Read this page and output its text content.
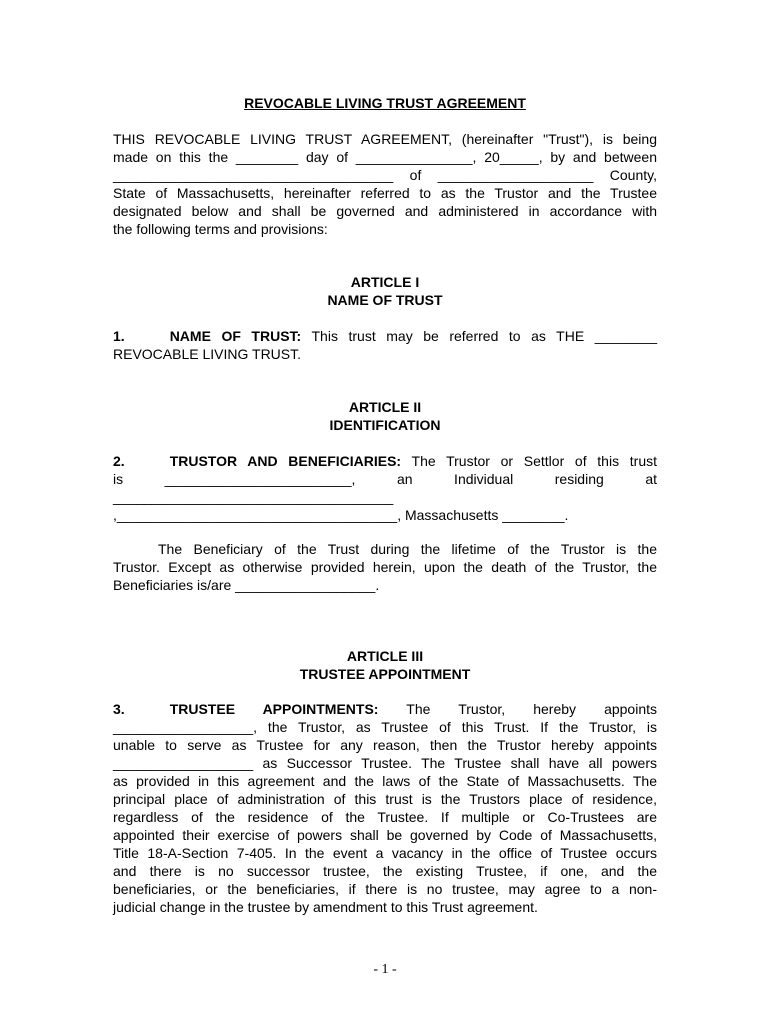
REVOCABLE LIVING TRUST AGREEMENT
THIS REVOCABLE LIVING TRUST AGREEMENT, (hereinafter "Trust"), is being
made on this the ________ day of _______________, 20_____, by and between
____________________________________ of ____________________ County,
State of Massachusetts, hereinafter referred to as the Trustor and the Trustee
designated below and shall be governed and administered in accordance with
the following terms and provisions:
ARTICLE I
NAME OF TRUST
1.	NAME OF TRUST: This trust may be referred to as THE ________
REVOCABLE LIVING TRUST.
ARTICLE II
IDENTIFICATION
2.	TRUSTOR AND BENEFICIARIES: The Trustor or Settlor of this trust
is ________________________, an Individual residing at
____________________________________
,____________________________________, Massachusetts ________.
The Beneficiary of the Trust during the lifetime of the Trustor is the
Trustor. Except as otherwise provided herein, upon the death of the Trustor, the
Beneficiaries is/are __________________.
ARTICLE III
TRUSTEE APPOINTMENT
3.	TRUSTEE APPOINTMENTS: The Trustor, hereby appoints
__________________, the Trustor, as Trustee of this Trust. If the Trustor, is
unable to serve as Trustee for any reason, then the Trustor hereby appoints
__________________ as Successor Trustee. The Trustee shall have all powers
as provided in this agreement and the laws of the State of Massachusetts. The
principal place of administration of this trust is the Trustors place of residence,
regardless of the residence of the Trustee. If multiple or Co-Trustees are
appointed their exercise of powers shall be governed by Code of Massachusetts,
Title 18-A-Section 7-405. In the event a vacancy in the office of Trustee occurs
and there is no successor trustee, the existing Trustee, if one, and the
beneficiaries, or the beneficiaries, if there is no trustee, may agree to a non-
judicial change in the trustee by amendment to this Trust agreement.
- 1 -
